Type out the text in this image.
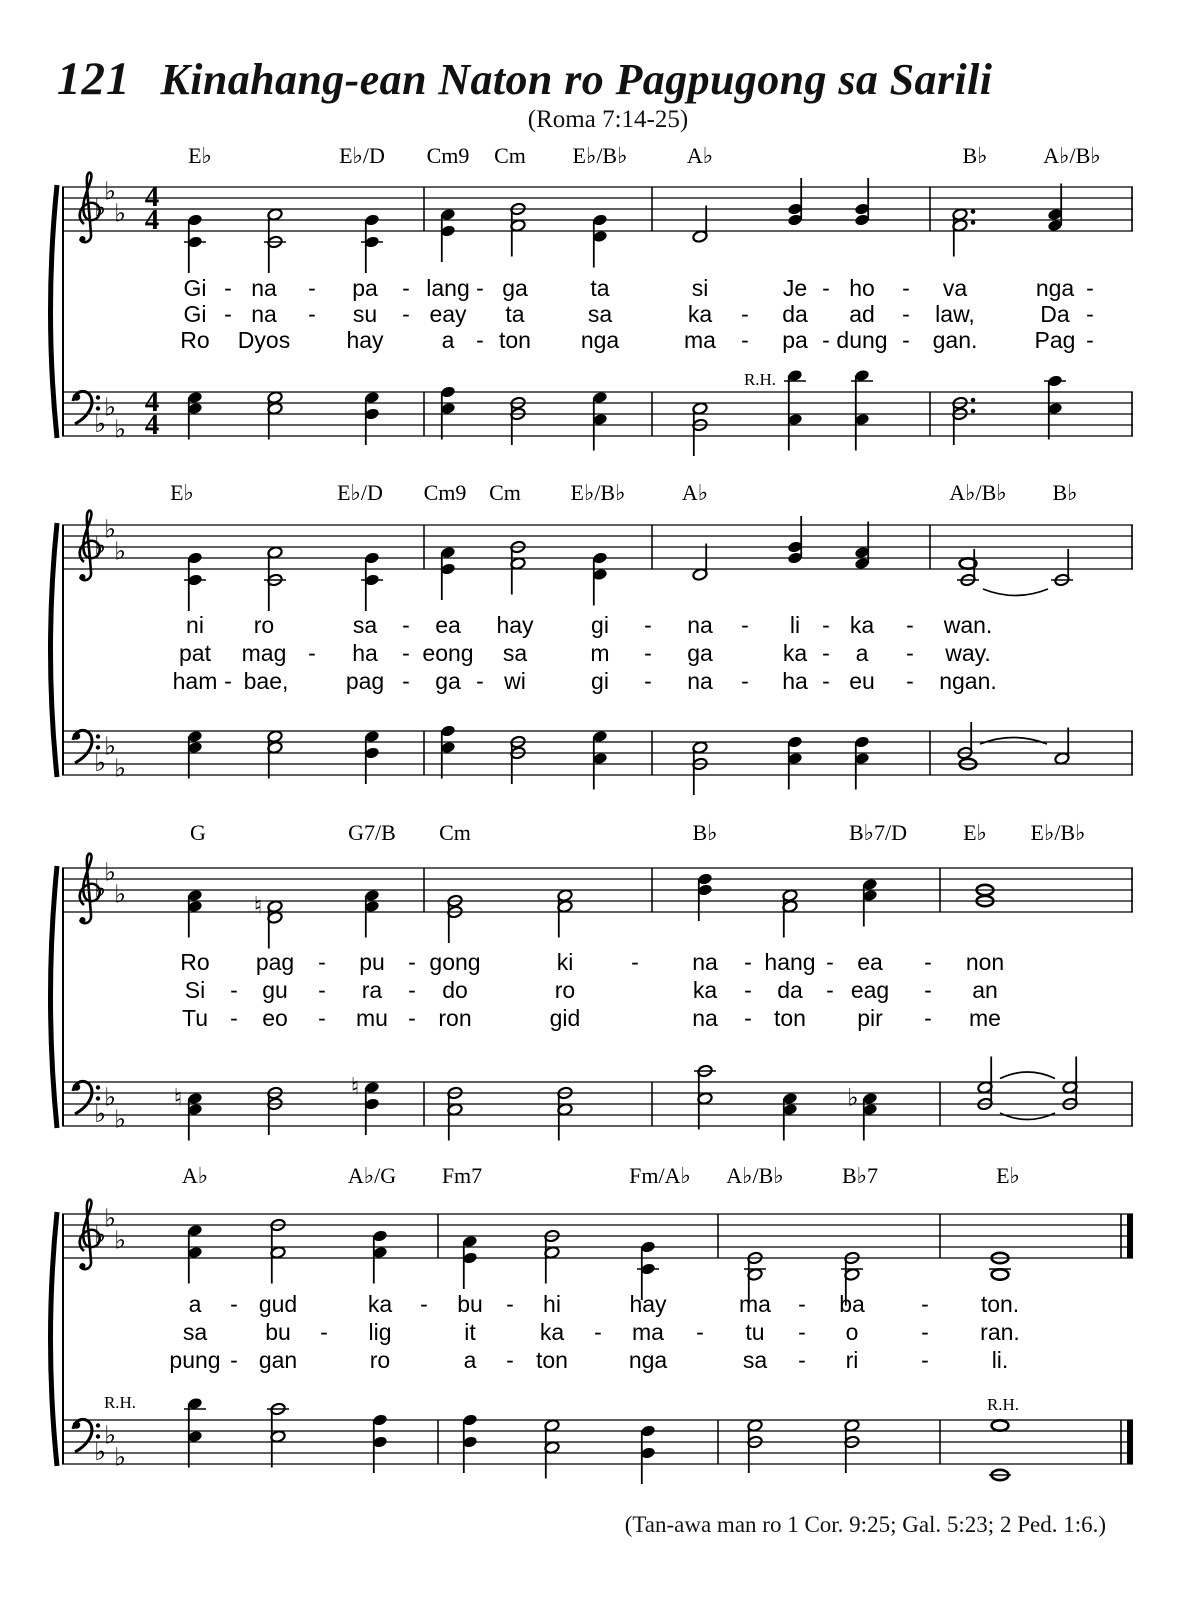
121 Kinahang-ean Naton ro Pagpugong sa Sarili
(Roma 7:14-25)
♭
♭
♭ 4
4
♭
♭
♭
4
4
R.H.
E♭	E♭/D Cm9 Cm E♭/B♭	A♭	B♭	A♭/B♭
Gi - na - pa - lang - ga	ta	si	Je - ho - va	nga -
Gi - na - su - eay ta	sa	ka - da ad - law,	Da -
Ro Dyos hay	a - ton nga	ma - pa - dung - gan. Pag -
♭
♭
♭
♭
♭
♭
E♭	E♭/D Cm9 Cm E♭/B♭	A♭	A♭/B♭ B♭
ni ro	sa - ea hay	gi - na - li - ka - wan.
pat mag - ha - eong sa	m - ga	ka - a - way.
ham - bae, pag - ga - wi	gi - na - ha - eu - ngan.
♭
♭
♭	♮
♭
♭
♭
♮	♮	♭
G	G7/B Cm	B♭	B♭7/D	E♭ E♭/B♭
Ro pag - pu - gong	ki	- na - hang - ea - non
Si - gu - ra - do	ro	ka - da - eag - an
Tu - eo - mu - ron	gid	na - ton pir - me
♭
♭
♭
♭
♭
♭
R.H.	R.H.
A♭	A♭/G Fm7	Fm/A♭ A♭/B♭	B♭7	E♭
a - gud	ka - bu - hi	hay	ma - ba - ton.
sa	bu - lig	it	ka - ma - tu - o	- ran.
pung - gan	ro	a - ton	nga	sa - ri	-	li.
(Tan-awa man ro 1 Cor. 9:25; Gal. 5:23; 2 Ped. 1:6.)
